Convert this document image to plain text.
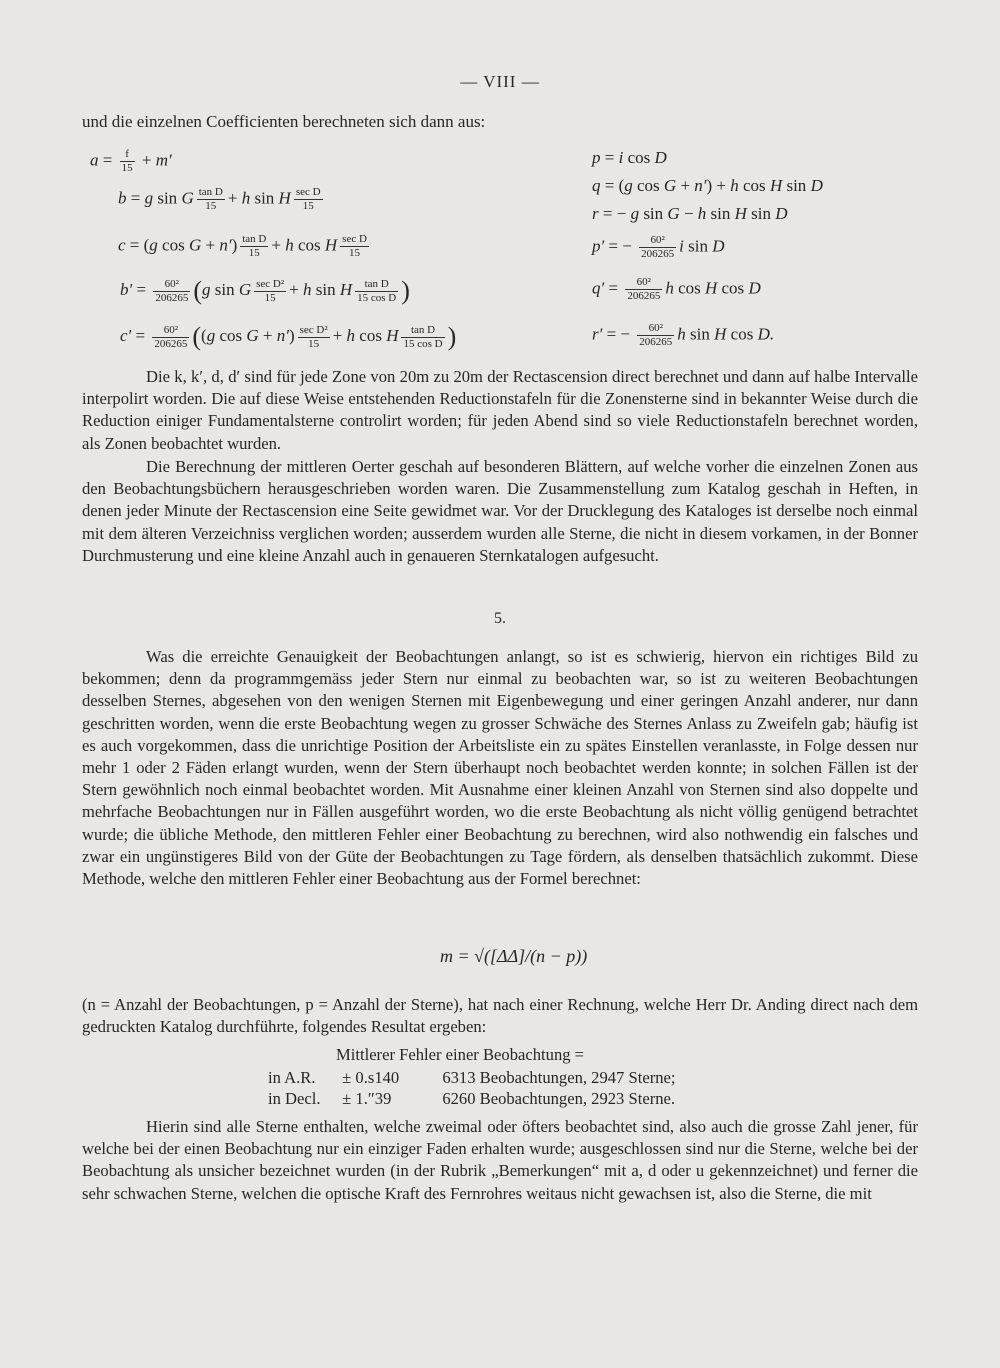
— VIII —
und die einzelnen Coefficienten berechneten sich dann aus:
$a = \frac{f}{15} + m'$
b = g sin G $\frac{\text{tan D}}{15} + h$ sin H $\frac{\text{sec D}}{15}$
c = (g $\cos G + n') \frac{\text{tan D}}{15} + h$ cos H $\frac{\text{sec D}}{15}$
$b' = \frac{\text{60²}}{206265} (g$ sin G $\frac{\text{sec D²}}{15} + h$ sin H $\frac{\text{tan D}}{\text{15 cos D}}$ )
$c' = \frac{\text{60²}}{206265} ((g$ $\cos G + n') \frac{\text{sec D²}}{15} + h$ cos H $\frac{\text{tan D}}{\text{15 cos D}}$ )
p = i cos D
q = (g cos G + n′) + h cos H sin D
r = − g sin G − h sin H sin D
p′ = − $\frac{\text{60²}}{206265}$ i sin D
$q' = \frac{\text{60²}}{206265}$ h cos H cos D
r′ = − $\frac{\text{60²}}{206265}$ h sin H cos D.

Die k, k′, d, d′ sind für jede Zone von 20m zu 20m der Rectascension direct berechnet und dann auf halbe Intervalle interpolirt worden. Die auf diese Weise entstehenden Reductionstafeln für die Zonensterne sind in bekannter Weise durch die Reduction einiger Fundamentalsterne controlirt worden; für jeden Abend sind so viele Reductionstafeln berechnet worden, als Zonen beobachtet wurden.

Die Berechnung der mittleren Oerter geschah auf besonderen Blättern, auf welche vorher die einzelnen Zonen aus den Beobachtungsbüchern herausgeschrieben worden waren. Die Zusammenstellung zum Katalog geschah in Heften, in denen jeder Minute der Rectascension eine Seite gewidmet war. Vor der Drucklegung des Kataloges ist derselbe noch einmal mit dem älteren Verzeichniss verglichen worden; ausserdem wurden alle Sterne, die nicht in diesem vorkamen, in der Bonner Durchmusterung und eine kleine Anzahl auch in genaueren Sternkatalogen aufgesucht.

5.

Was die erreichte Genauigkeit der Beobachtungen anlangt, so ist es schwierig, hiervon ein richtiges Bild zu bekommen; denn da programmgemäss jeder Stern nur einmal zu beobachten war, so ist zu weiteren Beobachtungen desselben Sternes, abgesehen von den wenigen Sternen mit Eigenbewegung und einer geringen Anzahl anderer, nur dann geschritten worden, wenn die erste Beobachtung wegen zu grosser Schwäche des Sternes Anlass zu Zweifeln gab; häufig ist es auch vorgekommen, dass die unrichtige Position der Arbeitsliste ein zu spätes Einstellen veranlasste, in Folge dessen nur mehr 1 oder 2 Fäden erlangt wurden, wenn der Stern überhaupt noch beobachtet werden konnte; in solchen Fällen ist der Stern gewöhnlich noch einmal beobachtet worden. Mit Ausnahme einer kleinen Anzahl von Sternen sind also doppelte und mehrfache Beobachtungen nur in Fällen ausgeführt worden, wo die erste Beobachtung als nicht völlig genügend betrachtet wurde; die übliche Methode, den mittleren Fehler einer Beobachtung zu berechnen, wird also nothwendig ein falsches und zwar ein ungünstigeres Bild von der Güte der Beobachtungen zu Tage fördern, als denselben thatsächlich zukommt. Diese Methode, welche den mittleren Fehler einer Beobachtung aus der Formel berechnet:

m = √([ΔΔ]/(n − p))

(n = Anzahl der Beobachtungen, p = Anzahl der Sterne), hat nach einer Rechnung, welche Herr Dr. Anding direct nach dem gedruckten Katalog durchführte, folgendes Resultat ergeben:

Mittlerer Fehler einer Beobachtung =
in A.R. ± 0.s140	6313 Beobachtungen, 2947 Sterne;
in Decl. ± 1.″39	6260 Beobachtungen, 2923 Sterne.

Hierin sind alle Sterne enthalten, welche zweimal oder öfters beobachtet sind, also auch die grosse Zahl jener, für welche bei der einen Beobachtung nur ein einziger Faden erhalten wurde; ausgeschlossen sind nur die Sterne, welche bei der Beobachtung als unsicher bezeichnet wurden (in der Rubrik „Bemerkungen“ mit a, d oder u gekennzeichnet) und ferner die sehr schwachen Sterne, welchen die optische Kraft des Fernrohres weitaus nicht gewachsen ist, also die Sterne, die mit
